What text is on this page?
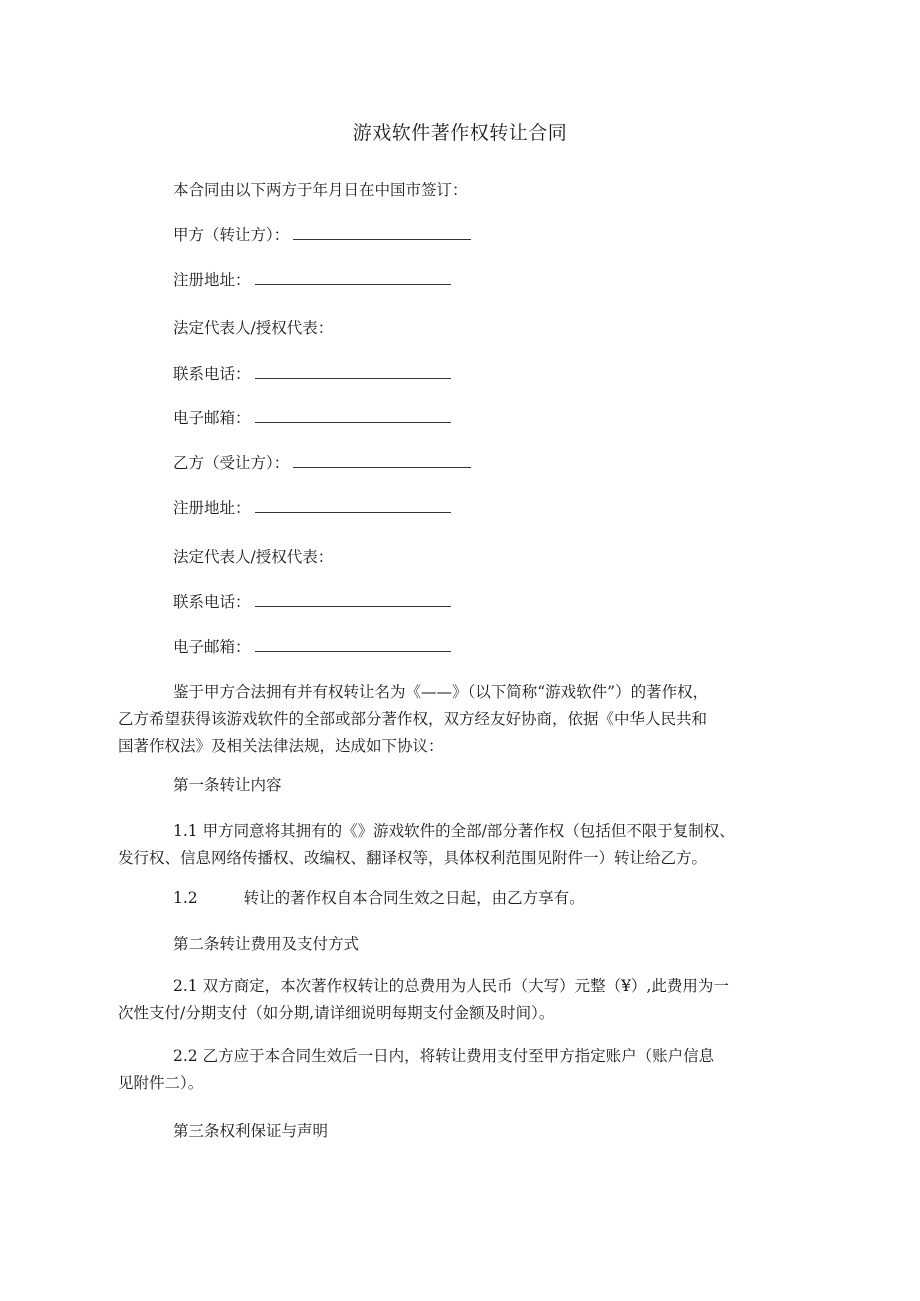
游戏软件著作权转让合同
本合同由以下两方于年月日在中国市签订：
甲方（转让方）：
注册地址：
法定代表人/授权代表：
联系电话：
电子邮箱：
乙方（受让方）：
注册地址：
法定代表人/授权代表：
联系电话：
电子邮箱：
鉴于甲方合法拥有并有权转让名为《——》（以下简称“游戏软件”）的著作权，
乙方希望获得该游戏软件的全部或部分著作权，双方经友好协商，依据《中华人民共和
国著作权法》及相关法律法规，达成如下协议：
第一条转让内容
1.1 甲方同意将其拥有的《》游戏软件的全部/部分著作权（包括但不限于复制权、
发行权、信息网络传播权、改编权、翻译权等，具体权利范围见附件一）转让给乙方。
1.2	转让的著作权自本合同生效之日起，由乙方享有。
第二条转让费用及支付方式
2.1 双方商定，本次著作权转让的总费用为人民币（大写）元整（¥）,此费用为一
次性支付/分期支付（如分期,请详细说明每期支付金额及时间）。
2.2 乙方应于本合同生效后一日内，将转让费用支付至甲方指定账户（账户信息
见附件二）。
第三条权利保证与声明
